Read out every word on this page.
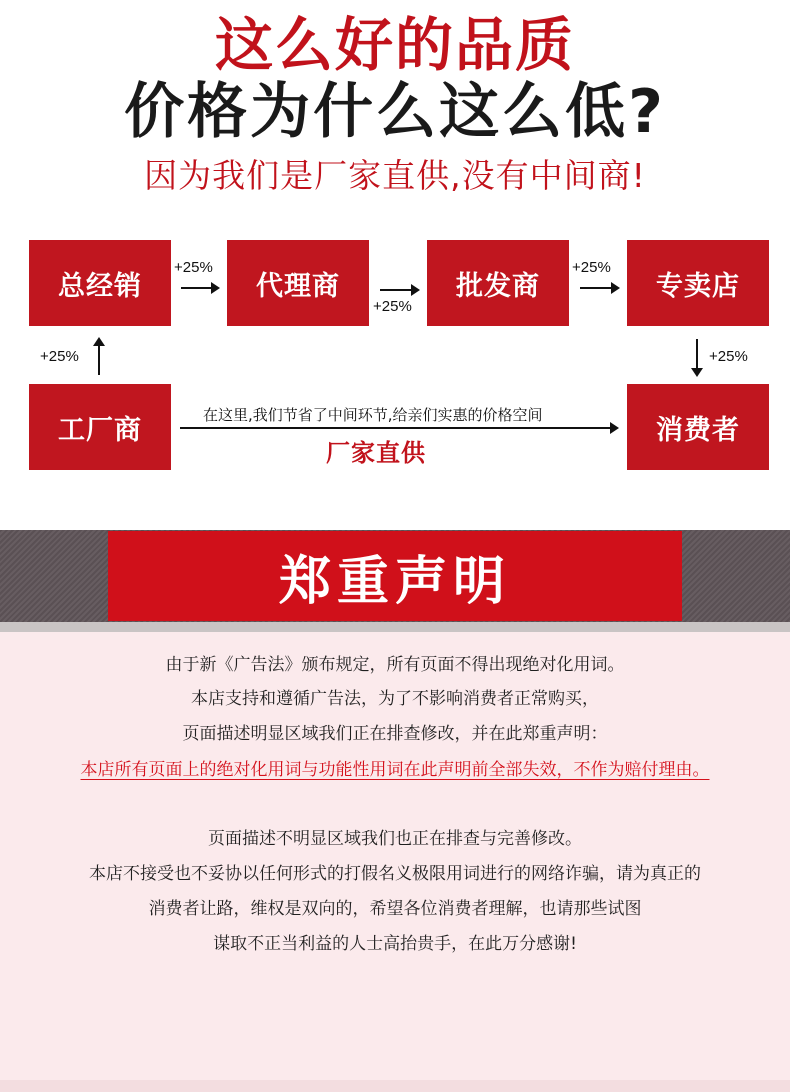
这么好的品质
价格为什么这么低?
因为我们是厂家直供,没有中间商!
总经销	代理商	批发商	专卖店
工厂商	消费者
+25%
+25%
+25%
+25%	+25%
在这里,我们节省了中间环节,给亲们实惠的价格空间
厂家直供
郑重声明
由于新《广告法》颁布规定，所有页面不得出现绝对化用词。
本店支持和遵循广告法，为了不影响消费者正常购买，
页面描述明显区域我们正在排查修改，并在此郑重声明：
本店所有页面上的绝对化用词与功能性用词在此声明前全部失效，不作为赔付理由。
页面描述不明显区域我们也正在排查与完善修改。
本店不接受也不妥协以任何形式的打假名义极限用词进行的网络诈骗，请为真正的
消费者让路，维权是双向的，希望各位消费者理解，也请那些试图
谋取不正当利益的人士高抬贵手，在此万分感谢!
